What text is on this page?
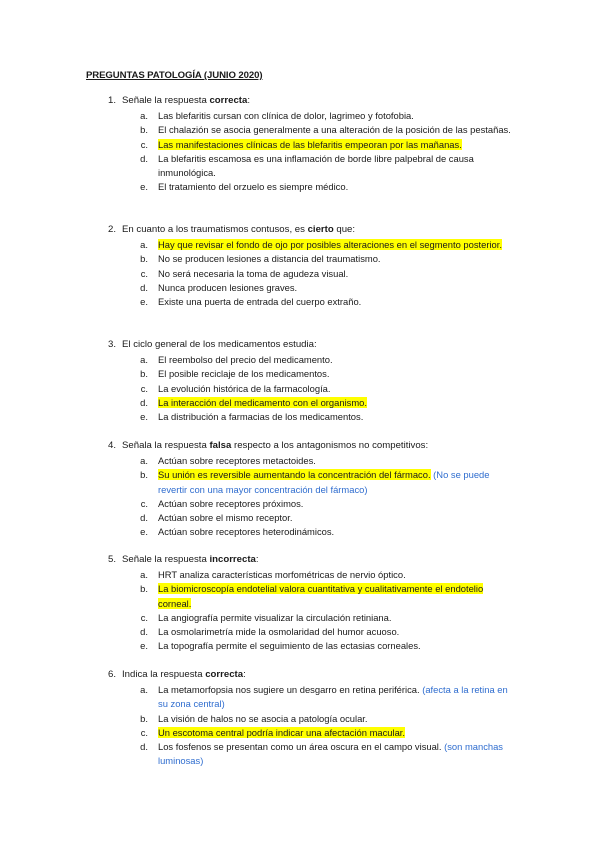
PREGUNTAS PATOLOGÍA (JUNIO 2020)
1. Señale la respuesta correcta:
a.	Las blefaritis cursan con clínica de dolor, lagrimeo y fotofobia.
b.	El chalazión se asocia generalmente a una alteración de la posición de las pestañas.
c.	Las manifestaciones clínicas de las blefaritis empeoran por las mañanas.
d.	La blefaritis escamosa es una inflamación de borde libre palpebral de causa inmunológica.
e.	El tratamiento del orzuelo es siempre médico.
2. En cuanto a los traumatismos contusos, es cierto que:
a.	Hay que revisar el fondo de ojo por posibles alteraciones en el segmento posterior.
b.	No se producen lesiones a distancia del traumatismo.
c.	No será necesaria la toma de agudeza visual.
d.	Nunca producen lesiones graves.
e.	Existe una puerta de entrada del cuerpo extraño.
3. El ciclo general de los medicamentos estudia:
a.	El reembolso del precio del medicamento.
b.	El posible reciclaje de los medicamentos.
c.	La evolución histórica de la farmacología.
d.	La interacción del medicamento con el organismo.
e.	La distribución a farmacias de los medicamentos.
4. Señala la respuesta falsa respecto a los antagonismos no competitivos:
a.	Actúan sobre receptores metactoides.
b.	Su unión es reversible aumentando la concentración del fármaco. (No se puede revertir con una mayor concentración del fármaco)
c.	Actúan sobre receptores próximos.
d.	Actúan sobre el mismo receptor.
e.	Actúan sobre receptores heterodinámicos.
5. Señale la respuesta incorrecta:
a.	HRT analiza características morfométricas de nervio óptico.
b.	La biomicroscopía endotelial valora cuantitativa y cualitativamente el endotelio corneal.
c.	La angiografía permite visualizar la circulación retiniana.
d.	La osmolarimetría mide la osmolaridad del humor acuoso.
e.	La topografía permite el seguimiento de las ectasias corneales.
6. Indica la respuesta correcta:
a.	La metamorfopsia nos sugiere un desgarro en retina periférica. (afecta a la retina en su zona central)
b.	La visión de halos no se asocia a patología ocular.
c.	Un escotoma central podría indicar una afectación macular.
d.	Los fosfenos se presentan como un área oscura en el campo visual. (son manchas luminosas)
